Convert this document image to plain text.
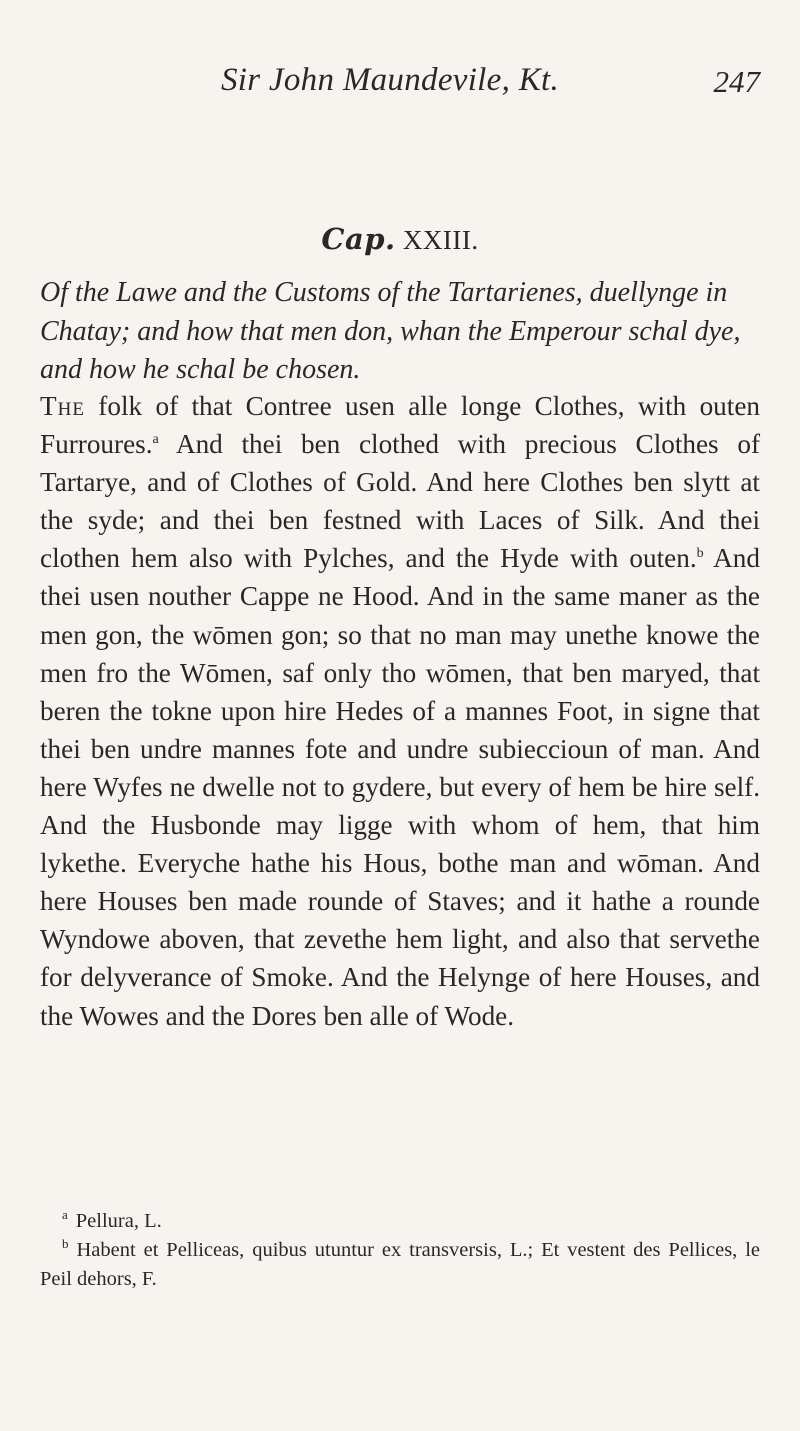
Sir John Maundevile, Kt.	247
Cap. XXIII.
Of the Lawe and the Customs of the Tartarienes, duellynge in Chatay; and how that men don, whan the Emperour schal dye, and how he schal be chosen.
The folk of that Contree usen alle longe Clothes, with outen Furroures.$^a$ And thei ben clothed with precious Clothes of Tartarye, and of Clothes of Gold. And here Clothes ben slytt at the syde; and thei ben festned with Laces of Silk. And thei clothen hem also with Pylches, and the Hyde with outen.$^b$ And thei usen nouther Cappe ne Hood. And in the same maner as the men gon, the wōmen gon; so that no man may unethe knowe the men fro the Wōmen, saf only tho wōmen, that ben maryed, that beren the tokne upon hire Hedes of a mannes Foot, in signe that thei ben undre mannes fote and undre subieccioun of man. And here Wyfes ne dwelle not to gydere, but every of hem be hire self. And the Husbonde may ligge with whom of hem, that him lykethe. Everyche hathe his Hous, bothe man and wōman. And here Houses ben made rounde of Staves; and it hathe a rounde Wyndowe aboven, that zevethe hem light, and also that servethe for delyverance of Smoke. And the Helynge of here Houses, and the Wowes and the Dores ben alle of Wode.
$^a$ Pellura, L.
$^b$ Habent et Pelliceas, quibus utuntur ex transversis, L.; Et vestent des Pellices, le Peil dehors, F.
